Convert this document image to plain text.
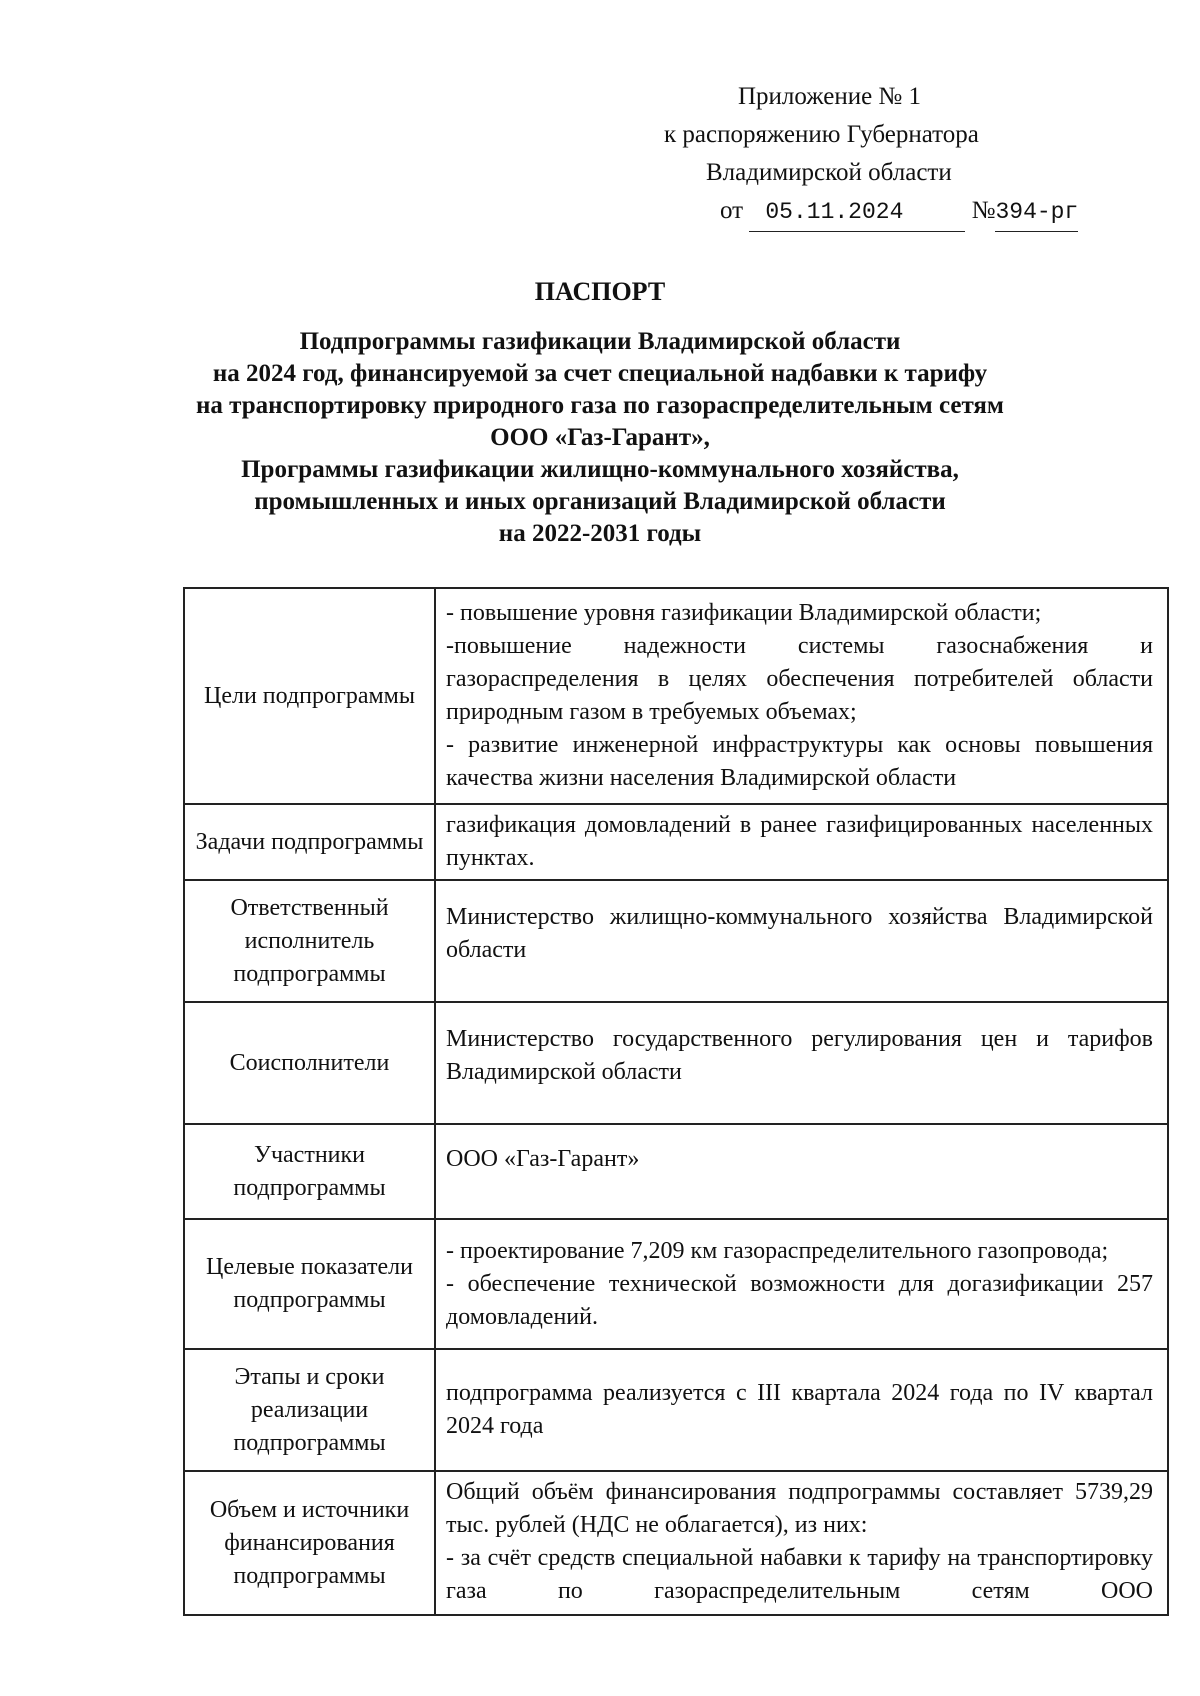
Приложение № 1
к распоряжению Губернатора
Владимирской области
от 05.11.2024	№394-рг
ПАСПОРТ
Подпрограммы газификации Владимирской области
на 2024 год, финансируемой за счет специальной надбавки к тарифу
на транспортировку природного газа по газораспределительным сетям
ООО «Газ-Гарант»,
Программы газификации жилищно-коммунального хозяйства,
промышленных и иных организаций Владимирской области
на 2022-2031 годы
Цели подпрограммы	- повышение уровня газификации Владимирской области;
-повышение надежности системы газоснабжения и газораспределения в целях обеспечения потребителей области природным газом в требуемых объемах;
- развитие инженерной инфраструктуры как основы повышения качества жизни населения Владимирской области

Задачи подпрограммы	газификация домовладений в ранее газифицированных населенных пунктах.

Ответственный исполнитель подпрограммы	Министерство жилищно-коммунального хозяйства Владимирской области

Соисполнители	Министерство государственного регулирования цен и тарифов Владимирской области

Участники подпрограммы	ООО «Газ-Гарант»

Целевые показатели подпрограммы	- проектирование 7,209 км газораспределительного газопровода;
- обеспечение технической возможности для догазификации 257 домовладений.

Этапы и сроки реализации подпрограммы	подпрограмма реализуется с III квартала 2024 года по IV квартал 2024 года

Объем и источники финансирования подпрограммы	Общий объём финансирования подпрограммы составляет 5739,29 тыс. рублей (НДС не облагается), из них:
- за счёт средств специальной набавки к тарифу на транспортировку газа по газораспределительным сетям ООО
